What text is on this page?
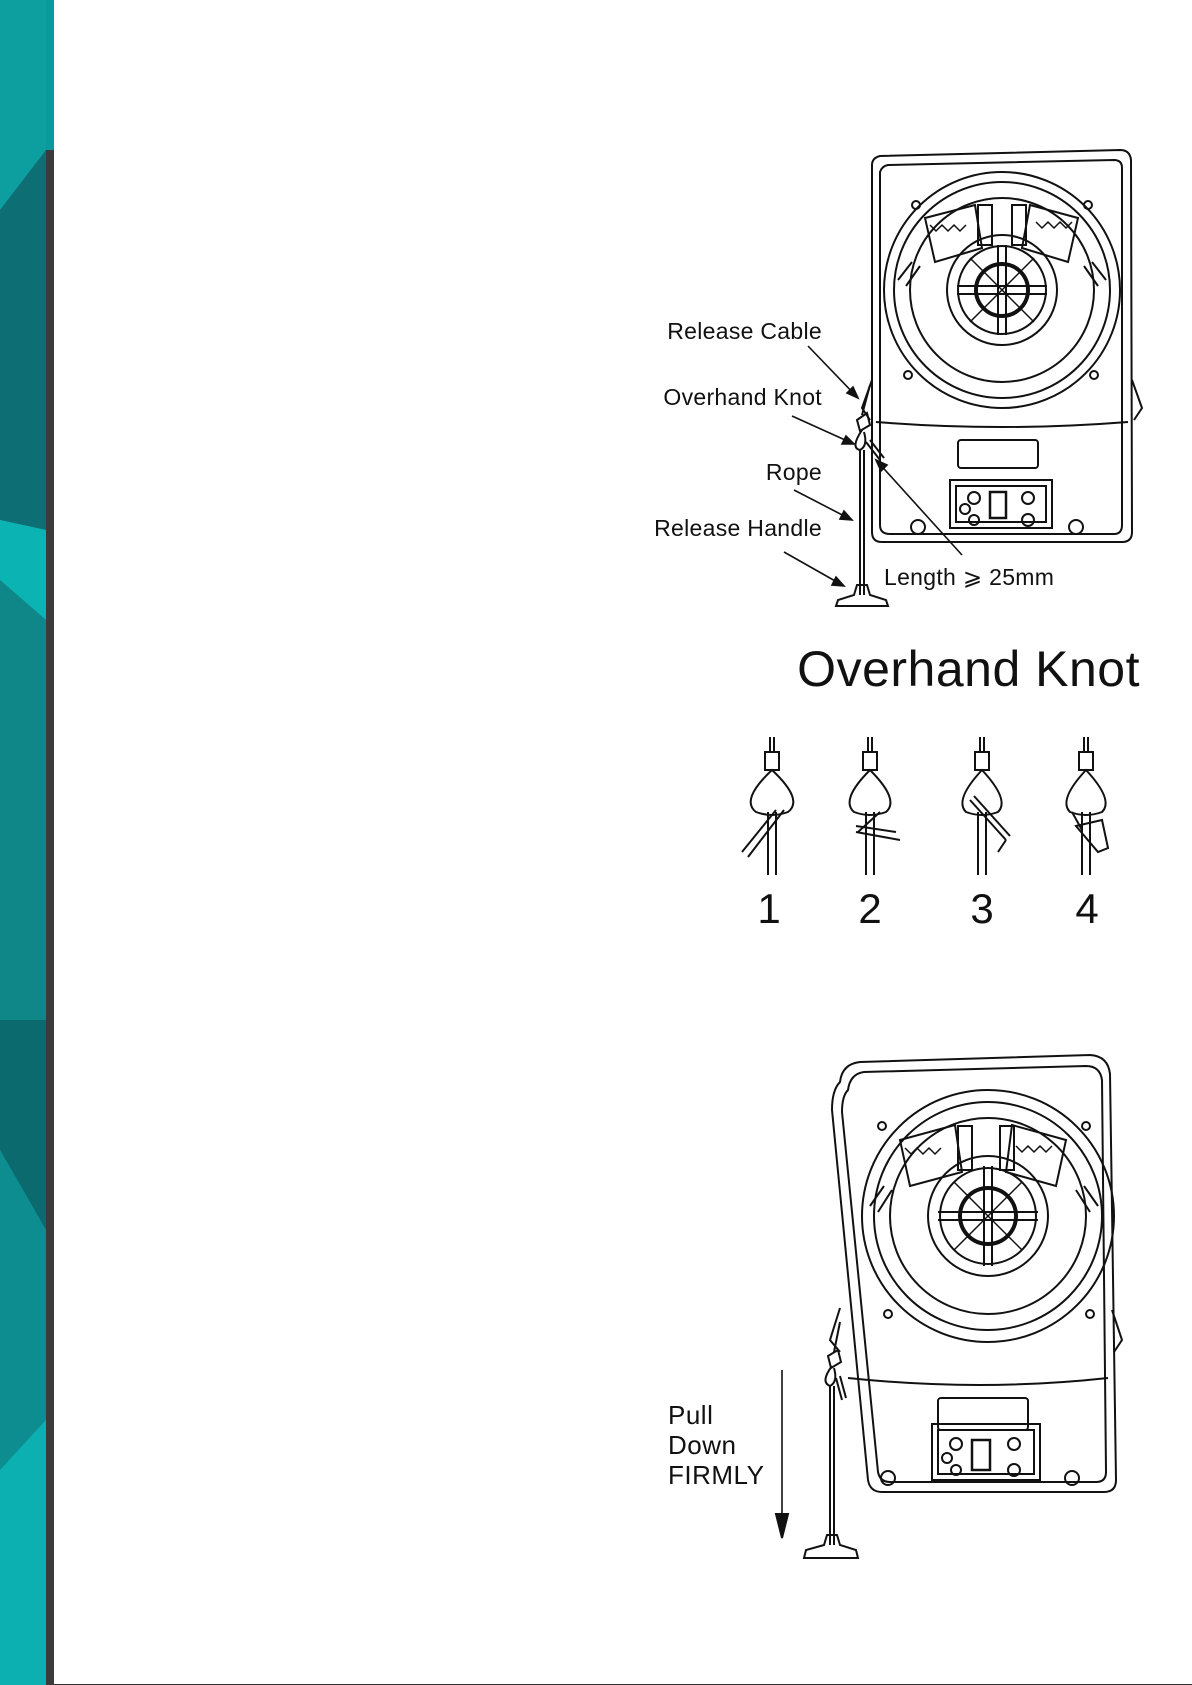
Release Cable
Overhand Knot
Rope
Release Handle
Length ⩾ 25mm
Overhand Knot
1	2	3	4
Pull
Down
FIRMLY
